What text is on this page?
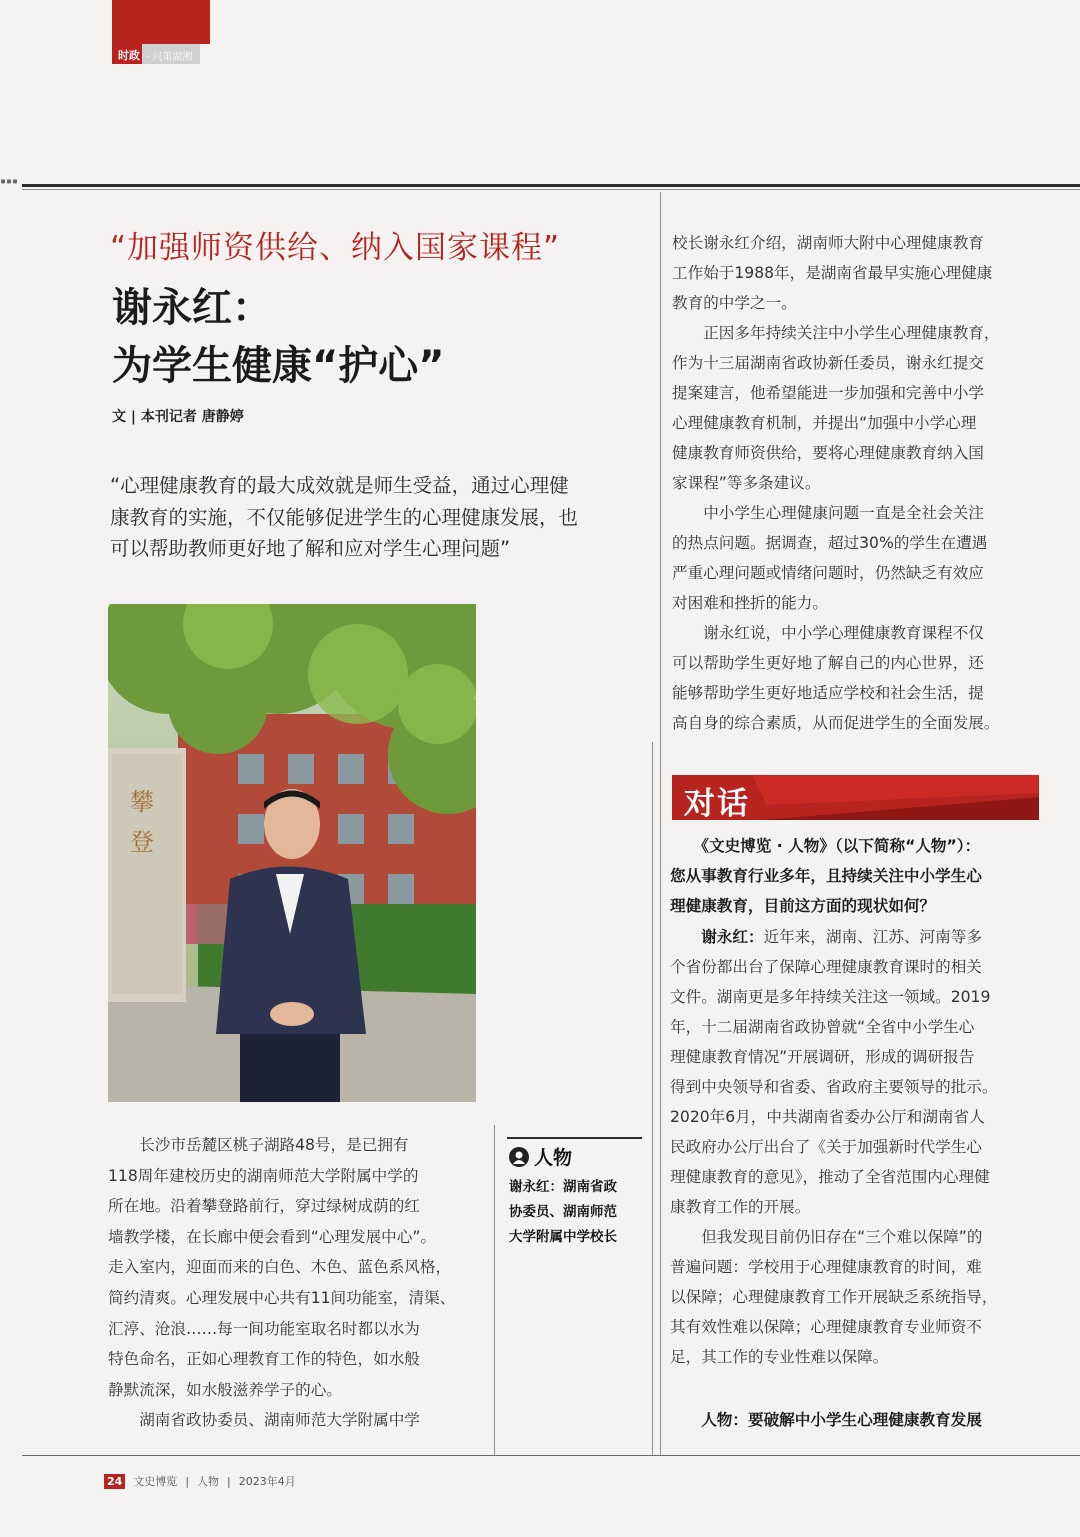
时政 · 问策湖湘
▪▪▪
“加强师资供给、纳入国家课程”
谢永红：
为学生健康“护心”
文 | 本刊记者 唐静婷
“心理健康教育的最大成效就是师生受益，通过心理健
康教育的实施，不仅能够促进学生的心理健康发展，也
可以帮助教师更好地了解和应对学生心理问题”
攀
登
　　长沙市岳麓区桃子湖路48号，是已拥有
118周年建校历史的湖南师范大学附属中学的
所在地。沿着攀登路前行，穿过绿树成荫的红
墙教学楼，在长廊中便会看到“心理发展中心”。
走入室内，迎面而来的白色、木色、蓝色系风格，
简约清爽。心理发展中心共有11间功能室，清渠、
汇渟、沧浪……每一间功能室取名时都以水为
特色命名，正如心理教育工作的特色，如水般
静默流深，如水般滋养学子的心。
　　湖南省政协委员、湖南师范大学附属中学
人物
谢永红：湖南省政
协委员、湖南师范
大学附属中学校长
校长谢永红介绍，湖南师大附中心理健康教育
工作始于1988年，是湖南省最早实施心理健康
教育的中学之一。
　　正因多年持续关注中小学生心理健康教育，
作为十三届湖南省政协新任委员，谢永红提交
提案建言，他希望能进一步加强和完善中小学
心理健康教育机制，并提出“加强中小学心理
健康教育师资供给，要将心理健康教育纳入国
家课程”等多条建议。
　　中小学生心理健康问题一直是全社会关注
的热点问题。据调查，超过30%的学生在遭遇
严重心理问题或情绪问题时，仍然缺乏有效应
对困难和挫折的能力。
　　谢永红说，中小学心理健康教育课程不仅
可以帮助学生更好地了解自己的内心世界，还
能够帮助学生更好地适应学校和社会生活，提
高自身的综合素质，从而促进学生的全面发展。
对话
　　《文史博览 · 人物》（以下简称“人物”）：
您从事教育行业多年，且持续关注中小学生心
理健康教育，目前这方面的现状如何？
　　谢永红：近年来，湖南、江苏、河南等多
个省份都出台了保障心理健康教育课时的相关
文件。湖南更是多年持续关注这一领域。2019
年，十二届湖南省政协曾就“全省中小学生心
理健康教育情况”开展调研，形成的调研报告
得到中央领导和省委、省政府主要领导的批示。
2020年6月，中共湖南省委办公厅和湖南省人
民政府办公厅出台了《关于加强新时代学生心
理健康教育的意见》，推动了全省范围内心理健
康教育工作的开展。
　　但我发现目前仍旧存在“三个难以保障”的
普遍问题：学校用于心理健康教育的时间，难
以保障；心理健康教育工作开展缺乏系统指导，
其有效性难以保障；心理健康教育专业师资不
足，其工作的专业性难以保障。
　　人物：要破解中小学生心理健康教育发展
24 文史博览 | 人物 | 2023年4月
